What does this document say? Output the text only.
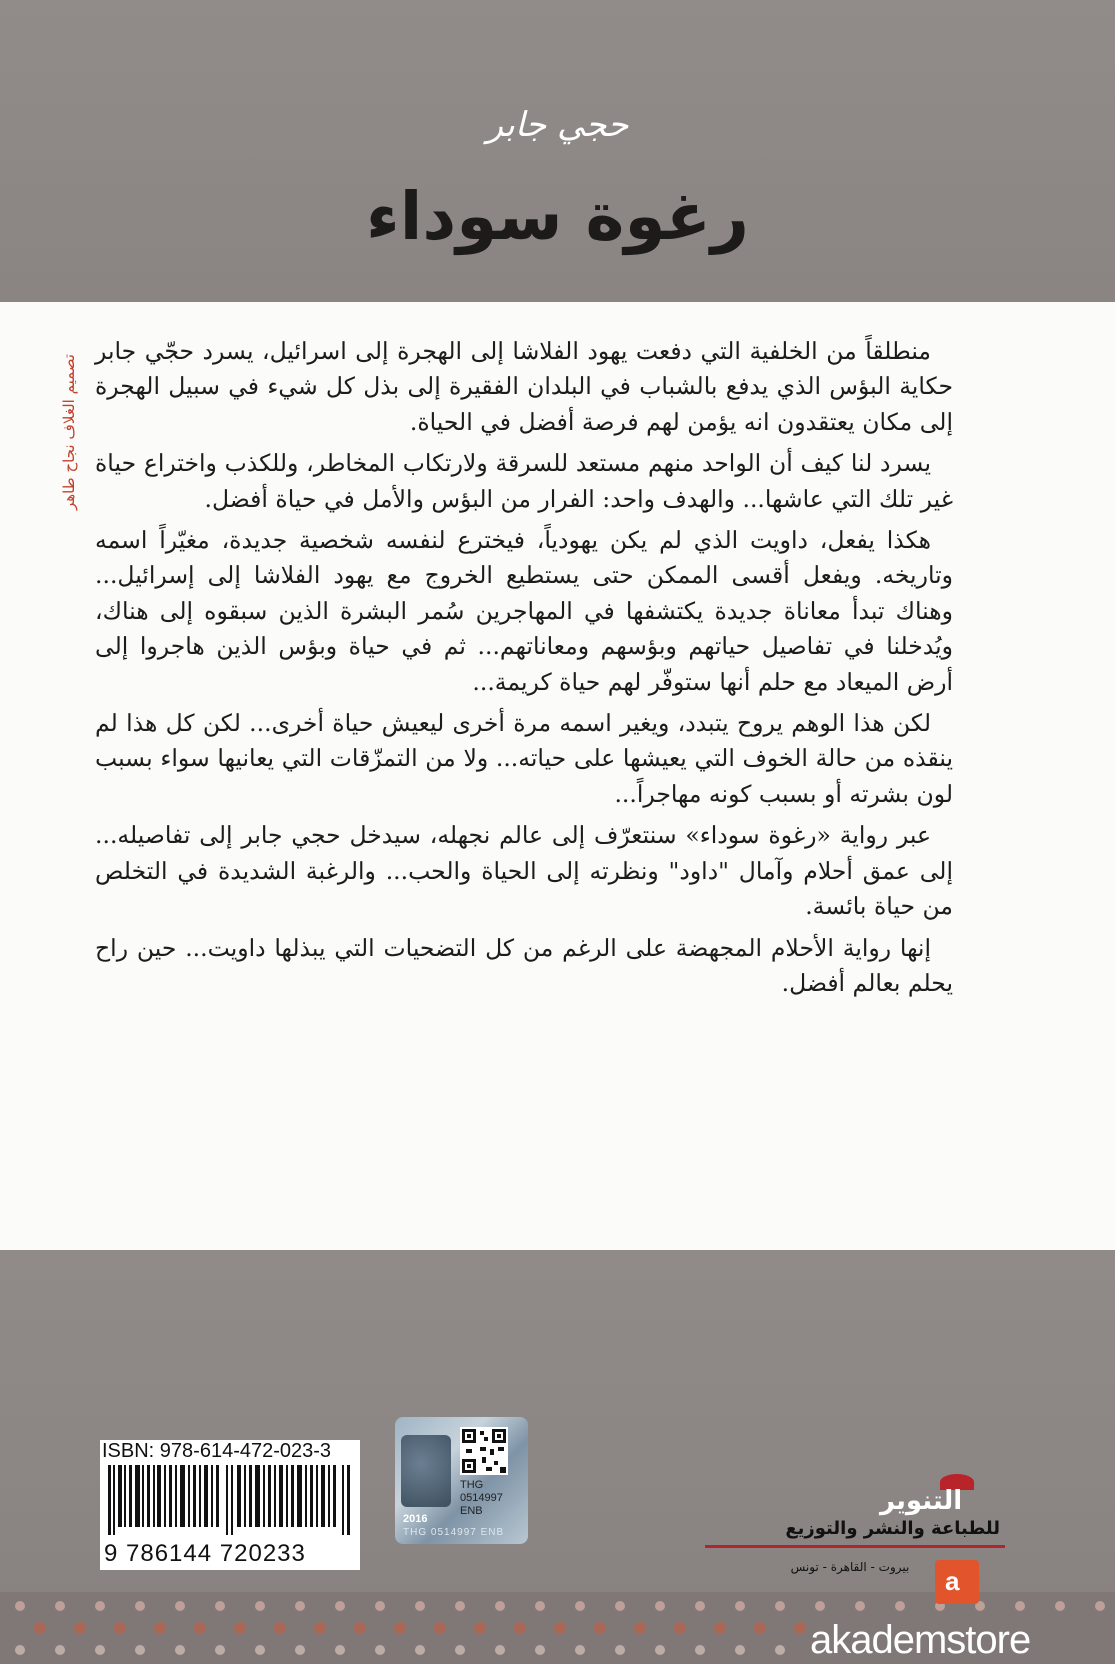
حجي جابر
رغوة سوداء
تصميم الغلاف نجاح طاهر

منطلقاً من الخلفية التي دفعت يهود الفلاشا إلى الهجرة إلى اسرائيل، يسرد حجّي جابر حكاية البؤس الذي يدفع بالشباب في البلدان الفقيرة إلى بذل كل شيء في سبيل الهجرة إلى مكان يعتقدون انه يؤمن لهم فرصة أفضل في الحياة.

يسرد لنا كيف أن الواحد منهم مستعد للسرقة ولارتكاب المخاطر، وللكذب واختراع حياة غير تلك التي عاشها... والهدف واحد: الفرار من البؤس والأمل في حياة أفضل.

هكذا يفعل، داويت الذي لم يكن يهودياً، فيخترع لنفسه شخصية جديدة، مغيّراً اسمه وتاريخه. ويفعل أقسى الممكن حتى يستطيع الخروج مع يهود الفلاشا إلى إسرائيل... وهناك تبدأ معاناة جديدة يكتشفها في المهاجرين سُمر البشرة الذين سبقوه إلى هناك، ويُدخلنا في تفاصيل حياتهم وبؤسهم ومعاناتهم... ثم في حياة وبؤس الذين هاجروا إلى أرض الميعاد مع حلم أنها ستوفّر لهم حياة كريمة...

لكن هذا الوهم يروح يتبدد، ويغير اسمه مرة أخرى ليعيش حياة أخرى... لكن كل هذا لم ينقذه من حالة الخوف التي يعيشها على حياته... ولا من التمزّقات التي يعانيها سواء بسبب لون بشرته أو بسبب كونه مهاجراً...

عبر رواية «رغوة سوداء» سنتعرّف إلى عالم نجهله، سيدخل حجي جابر إلى تفاصيله... إلى عمق أحلام وآمال "داود" ونظرته إلى الحياة والحب... والرغبة الشديدة في التخلص من حياة بائسة.

إنها رواية الأحلام المجهضة على الرغم من كل التضحيات التي يبذلها داويت... حين راح يحلم بعالم أفضل.

ISBN: 978-614-472-023-3
9 786144 720233
THG
0514997
ENB
2016
THG 0514997 ENB
التنوير
للطباعة والنشر والتوزيع
بيروت - القاهرة - تونس	a
akademstore
